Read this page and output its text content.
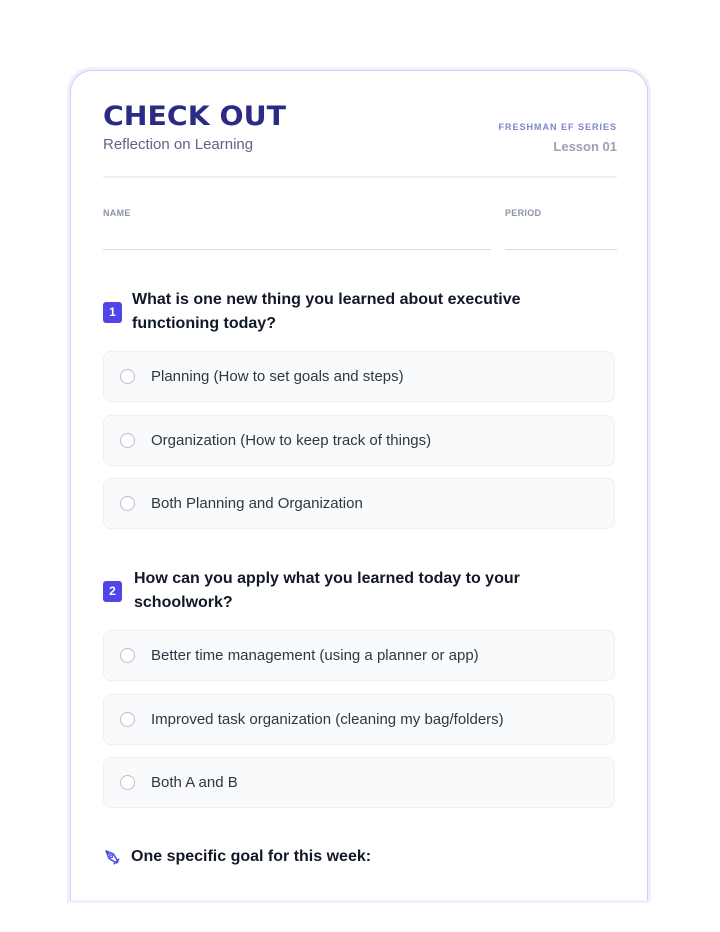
CHECK OUT
Reflection on Learning
FRESHMAN EF SERIES
Lesson 01
NAME	PERIOD
1
What is one new thing you learned about executive
functioning today?
Planning (How to set goals and steps)
Organization (How to keep track of things)
Both Planning and Organization
2
How can you apply what you learned today to your
schoolwork?
Better time management (using a planner or app)
Improved task organization (cleaning my bag/folders)
Both A and B
One specific goal for this week:
